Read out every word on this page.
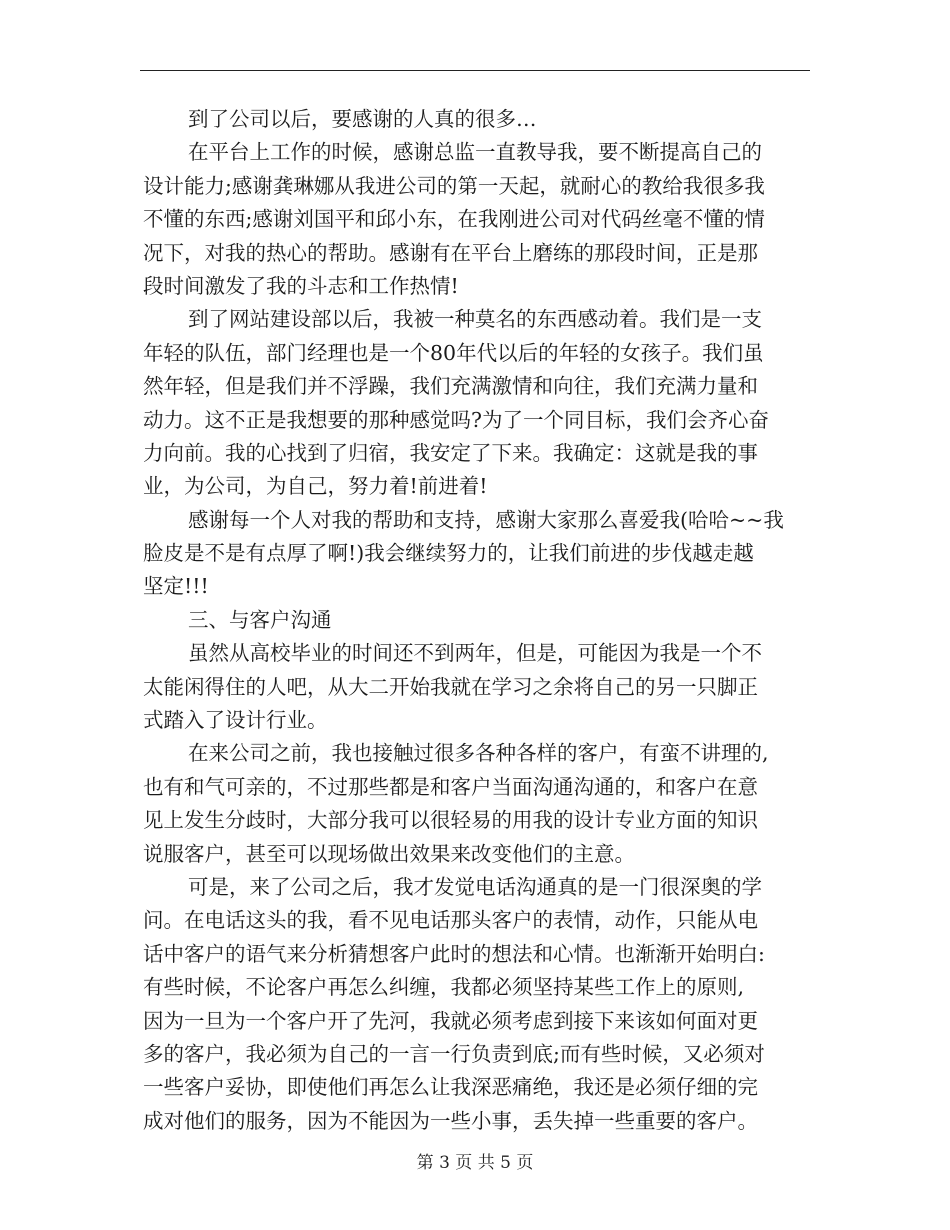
到了公司以后，要感谢的人真的很多…
在平台上工作的时候，感谢总监一直教导我，要不断提高自己的
设计能力;感谢龚琳娜从我进公司的第一天起，就耐心的教给我很多我
不懂的东西;感谢刘国平和邱小东，在我刚进公司对代码丝毫不懂的情
况下，对我的热心的帮助。感谢有在平台上磨练的那段时间，正是那
段时间激发了我的斗志和工作热情!
到了网站建设部以后，我被一种莫名的东西感动着。我们是一支
年轻的队伍，部门经理也是一个80年代以后的年轻的女孩子。我们虽
然年轻，但是我们并不浮躁，我们充满激情和向往，我们充满力量和
动力。这不正是我想要的那种感觉吗?为了一个同目标，我们会齐心奋
力向前。我的心找到了归宿，我安定了下来。我确定：这就是我的事
业，为公司，为自己，努力着!前进着!
感谢每一个人对我的帮助和支持，感谢大家那么喜爱我(哈哈~~我
脸皮是不是有点厚了啊!)我会继续努力的，让我们前进的步伐越走越
坚定!!!
三、与客户沟通
虽然从高校毕业的时间还不到两年，但是，可能因为我是一个不
太能闲得住的人吧，从大二开始我就在学习之余将自己的另一只脚正
式踏入了设计行业。
在来公司之前，我也接触过很多各种各样的客户，有蛮不讲理的,
也有和气可亲的，不过那些都是和客户当面沟通沟通的，和客户在意
见上发生分歧时，大部分我可以很轻易的用我的设计专业方面的知识
说服客户，甚至可以现场做出效果来改变他们的主意。
可是，来了公司之后，我才发觉电话沟通真的是一门很深奥的学
问。在电话这头的我，看不见电话那头客户的表情，动作，只能从电
话中客户的语气来分析猜想客户此时的想法和心情。也渐渐开始明白:
有些时候，不论客户再怎么纠缠，我都必须坚持某些工作上的原则,
因为一旦为一个客户开了先河，我就必须考虑到接下来该如何面对更
多的客户，我必须为自己的一言一行负责到底;而有些时候，又必须对
一些客户妥协，即使他们再怎么让我深恶痛绝，我还是必须仔细的完
成对他们的服务，因为不能因为一些小事，丢失掉一些重要的客户。
第 3 页 共 5 页
